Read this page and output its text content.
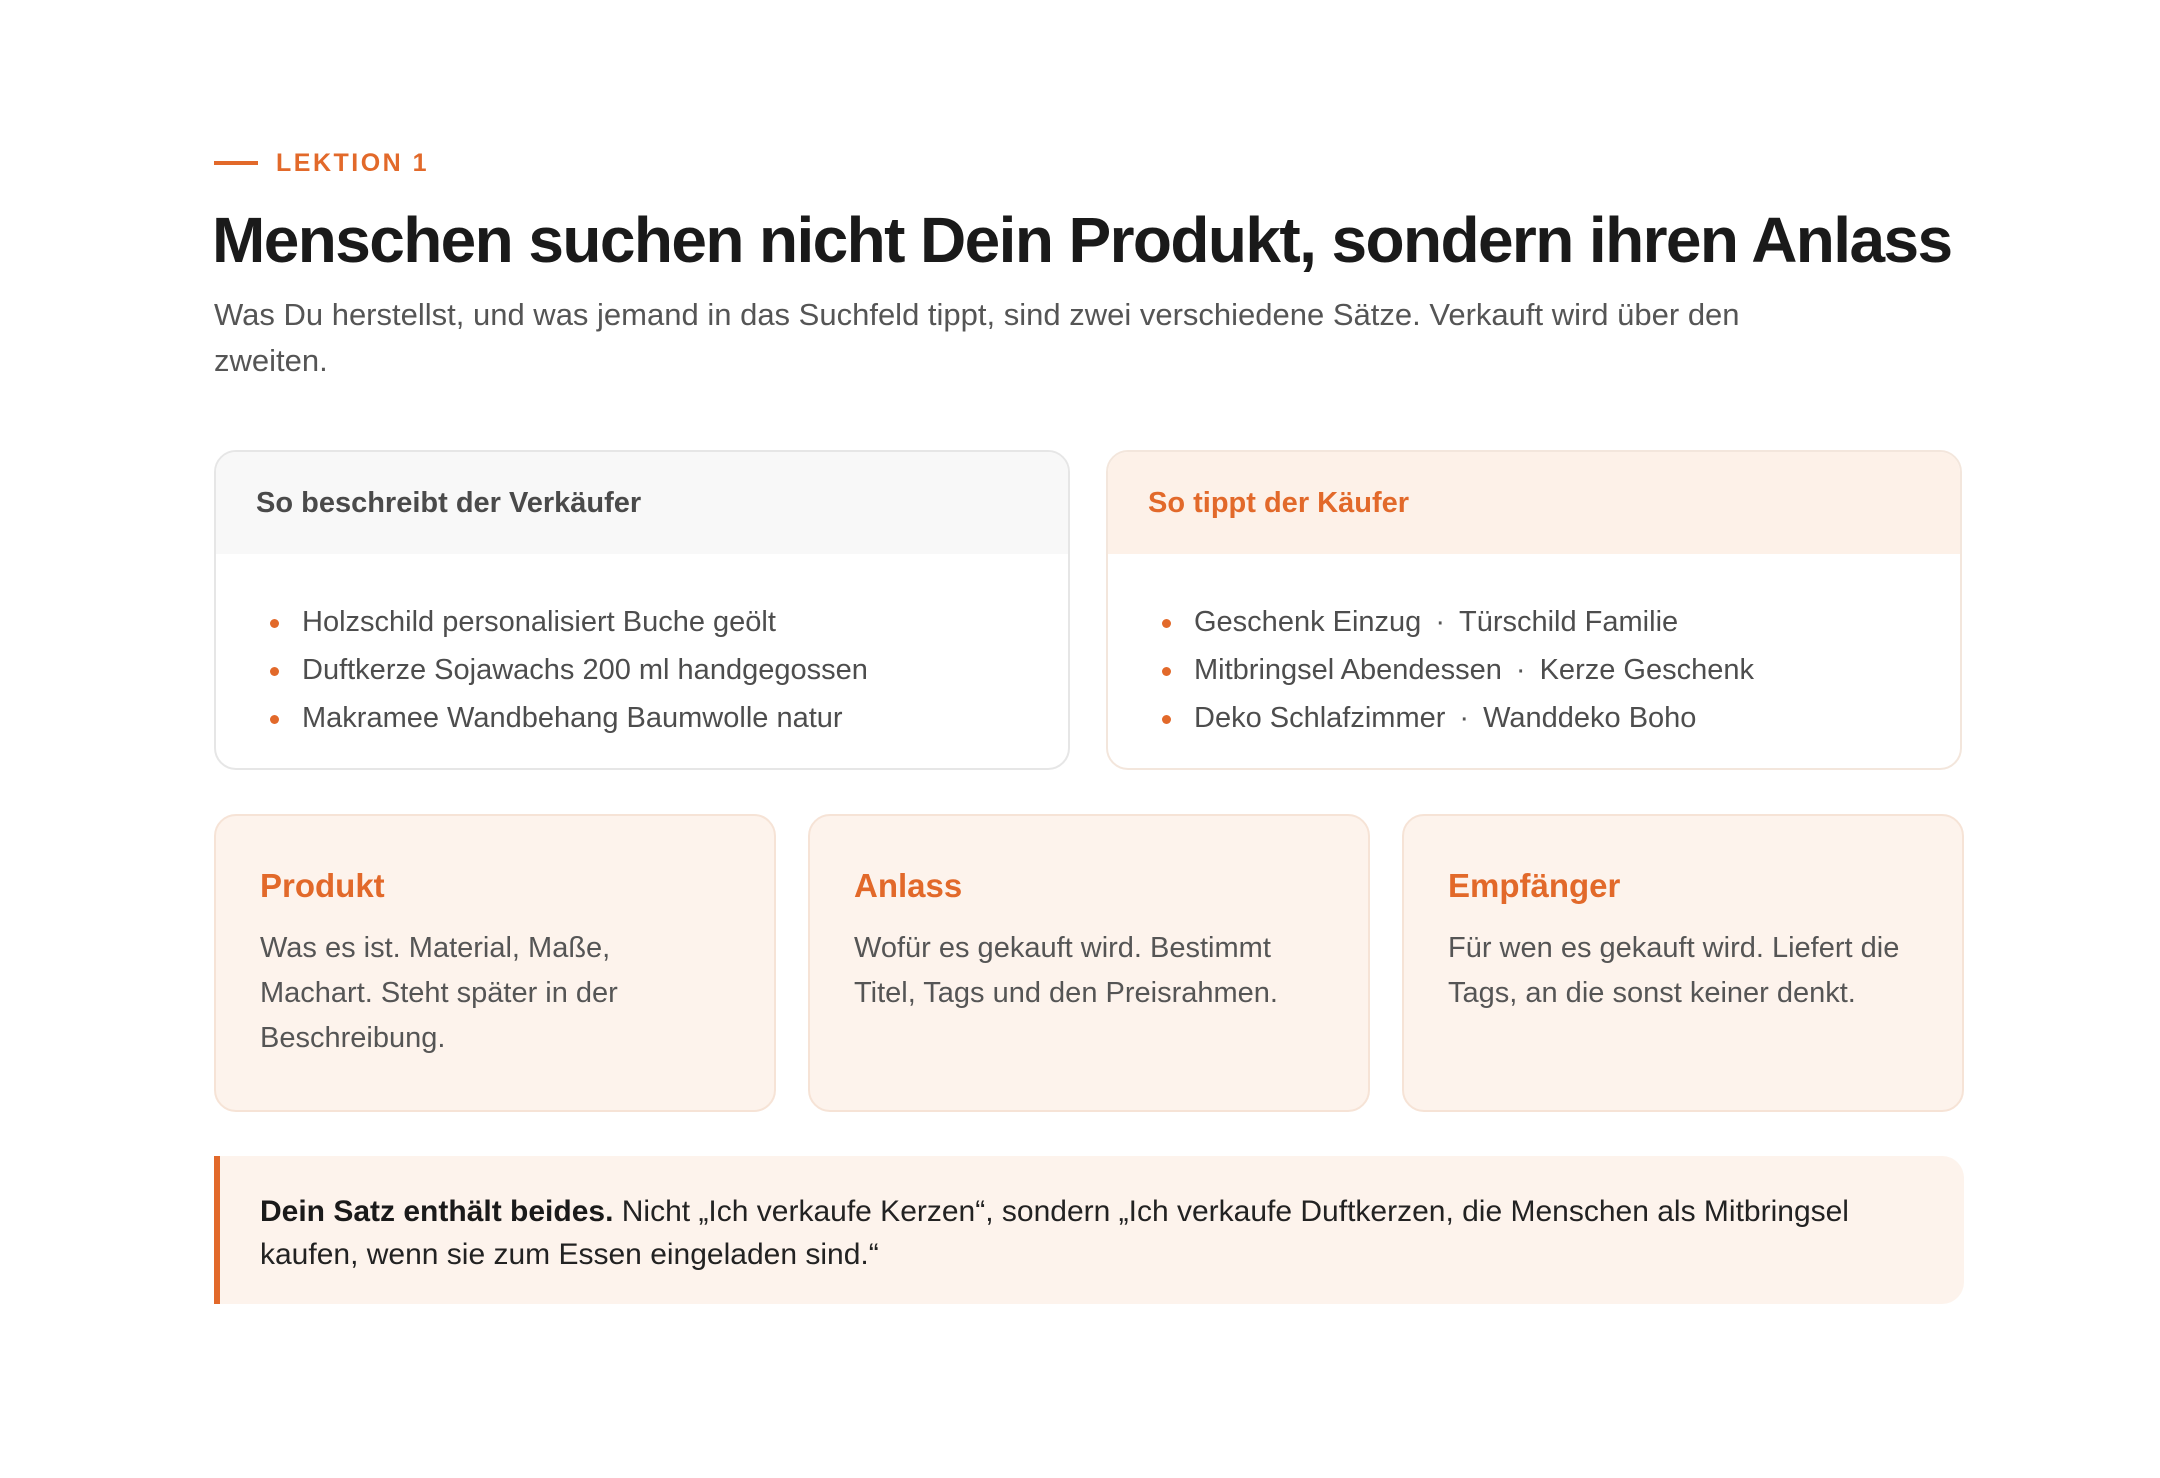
LEKTION 1
Menschen suchen nicht Dein Produkt, sondern ihren Anlass

Was Du herstellst, und was jemand in das Suchfeld tippt, sind zwei verschiedene Sätze. Verkauft wird über den zweiten.

So beschreibt der Verkäufer
Holzschild personalisiert Buche geölt
Duftkerze Sojawachs 200 ml handgegossen
Makramee Wandbehang Baumwolle natur
So tippt der Käufer
Geschenk Einzug · Türschild Familie
Mitbringsel Abendessen · Kerze Geschenk
Deko Schlafzimmer · Wanddeko Boho
Produkt
Was es ist. Material, Maße, Machart. Steht später in der Beschreibung.
Anlass
Wofür es gekauft wird. Bestimmt Titel, Tags und den Preisrahmen.
Empfänger
Für wen es gekauft wird. Liefert die Tags, an die sonst keiner denkt.
Dein Satz enthält beides. Nicht „Ich verkaufe Kerzen“, sondern „Ich verkaufe Duftkerzen, die Menschen als Mitbringsel kaufen, wenn sie zum Essen eingeladen sind.“
